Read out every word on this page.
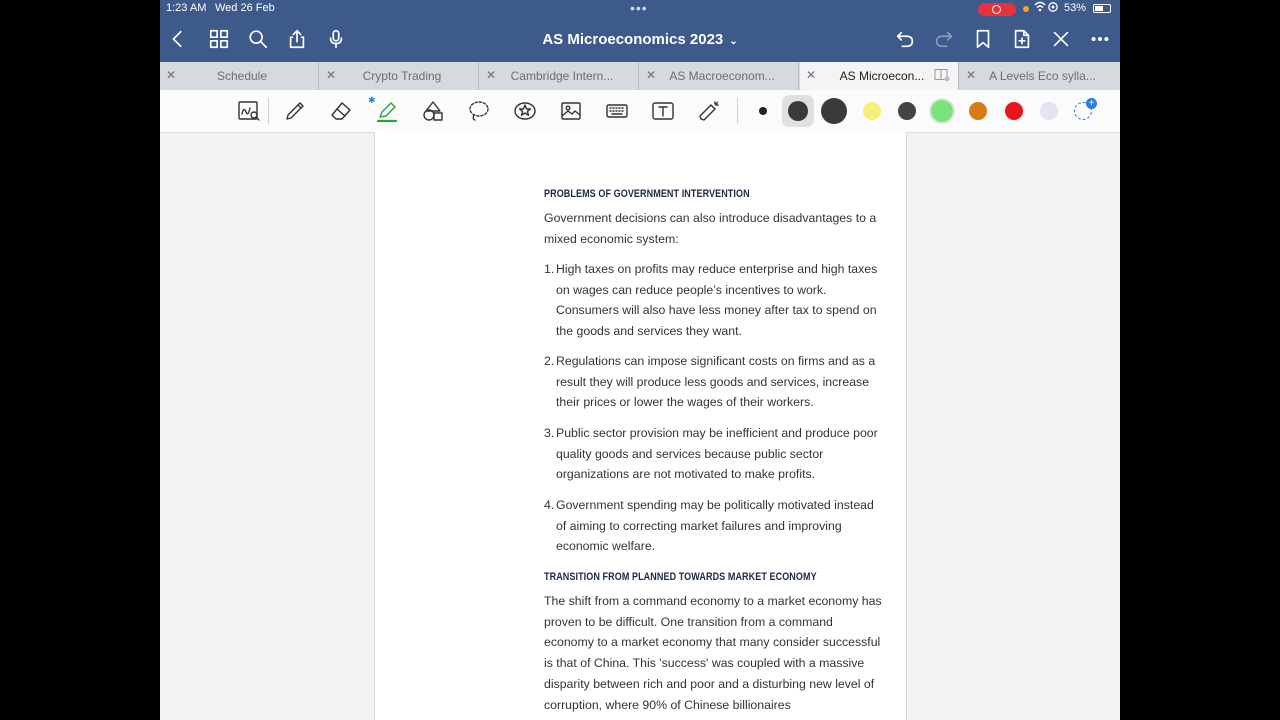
1:23 AM Wed 26 Feb	•••	53%
AS Microeconomics 2023 ⌄
✕	Schedule	✕	Crypto Trading	✕	Cambridge Intern...	✕	AS Macroeconom...	✕	AS Microecon...	✕	A Levels Eco sylla...
✱	+
PROBLEMS OF GOVERNMENT INTERVENTION
Government decisions can also introduce disadvantages to a mixed economic system:
1. High taxes on profits may reduce enterprise and high taxes on wages can reduce people’s incentives to work. Consumers will also have less money after tax to spend on the goods and services they want.
2. Regulations can impose significant costs on firms and as a result they will produce less goods and services, increase their prices or lower the wages of their workers.
3. Public sector provision may be inefficient and produce poor quality goods and services because public sector organizations are not motivated to make profits.
4. Government spending may be politically motivated instead of aiming to correcting market failures and improving economic welfare.
TRANSITION FROM PLANNED TOWARDS MARKET ECONOMY
The shift from a command economy to a market economy has proven to be difficult. One transition from a command economy to a market economy that many consider successful is that of China. This 'success' was coupled with a massive disparity between rich and poor and a disturbing new level of corruption, where 90% of Chinese billionaires
